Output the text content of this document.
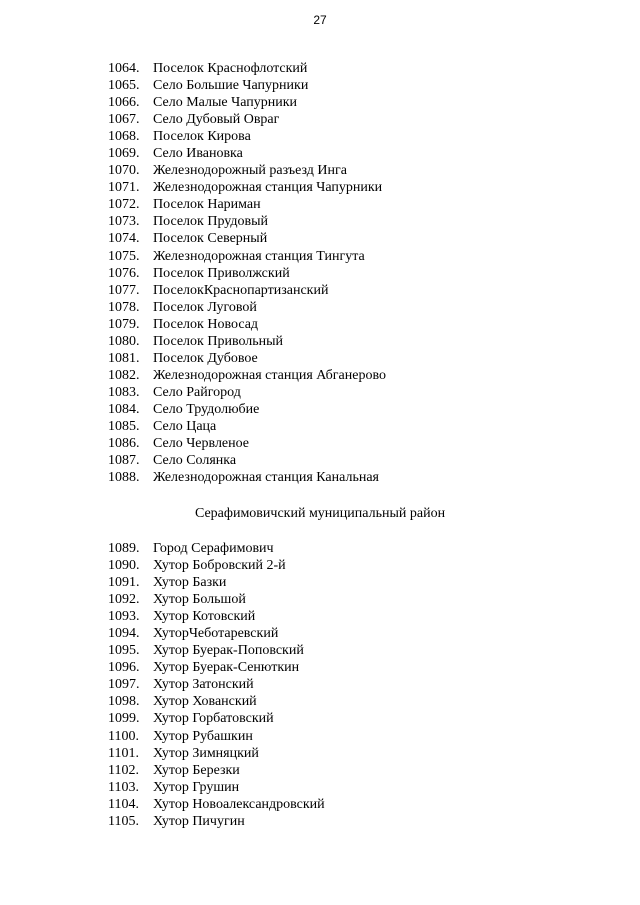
27
1064. Поселок Краснофлотский
1065. Село Большие Чапурники
1066. Село Малые Чапурники
1067. Село Дубовый Овраг
1068. Поселок Кирова
1069. Село Ивановка
1070. Железнодорожный разъезд Инга
1071. Железнодорожная станция Чапурники
1072. Поселок Нариман
1073. Поселок Прудовый
1074. Поселок Северный
1075. Железнодорожная станция Тингута
1076. Поселок Приволжский
1077. ПоселокКраснопартизанский
1078. Поселок Луговой
1079. Поселок Новосад
1080. Поселок Привольный
1081. Поселок Дубовое
1082. Железнодорожная станция Абганерово
1083. Село Райгород
1084. Село Трудолюбие
1085. Село Цаца
1086. Село Червленое
1087. Село Солянка
1088. Железнодорожная станция Канальная
Серафимовичский муниципальный район
1089. Город Серафимович
1090. Хутор Бобровский 2-й
1091. Хутор Базки
1092. Хутор Большой
1093. Хутор Котовский
1094. ХуторЧеботаревский
1095. Хутор Буерак-Поповский
1096. Хутор Буерак-Сенюткин
1097. Хутор Затонский
1098. Хутор Хованский
1099. Хутор Горбатовский
1100.	Хутор Рубашкин
1101.	Хутор Зимняцкий
1102.	Хутор Березки
1103.	Хутор Грушин
1104.	Хутор Новоалександровский
1105.	Хутор Пичугин
